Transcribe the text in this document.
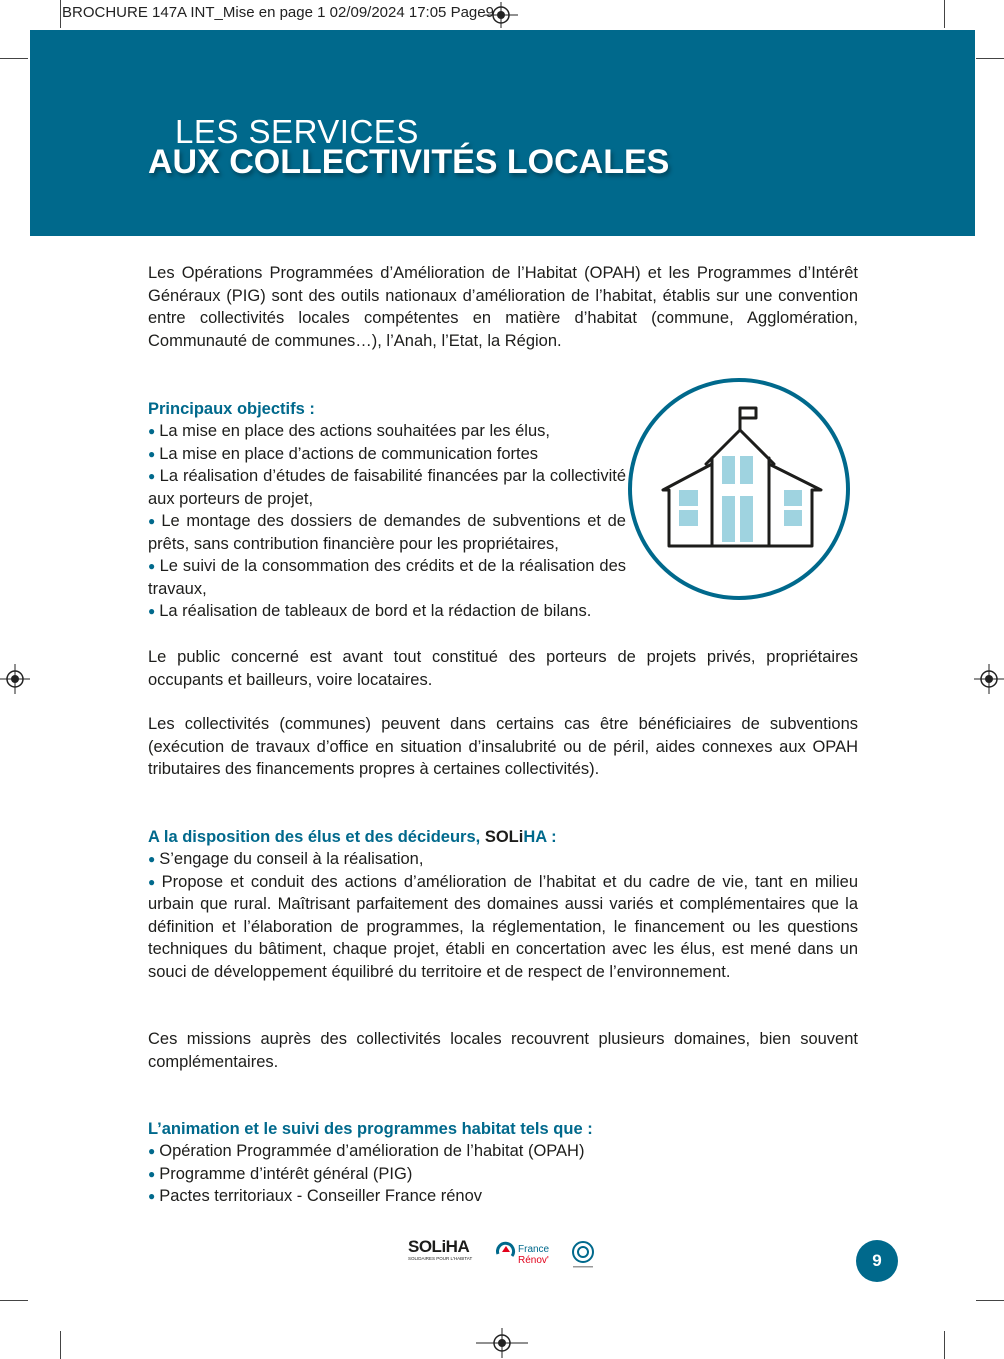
BROCHURE 147A INT_Mise en page 1 02/09/2024 17:05 Page9
LES SERVICES
AUX COLLECTIVITÉS LOCALES

Les Opérations Programmées d’Amélioration de l’Habitat (OPAH) et les Programmes d’Intérêt Généraux (PIG) sont des outils nationaux d’amélioration de l’habitat, établis sur une convention entre collectivités locales compétentes en matière d’habitat (commune, Agglomération, Communauté de communes…), l’Anah, l’Etat, la Région.

Principaux objectifs :
● La mise en place des actions souhaitées par les élus,
● La mise en place d’actions de communication fortes
● La réalisation d’études de faisabilité financées par la collectivité aux porteurs de projet,
● Le montage des dossiers de demandes de subventions et de prêts, sans contribution financière pour les propriétaires,
● Le suivi de la consommation des crédits et de la réalisation des travaux,
● La réalisation de tableaux de bord et la rédaction de bilans.

Le public concerné est avant tout constitué des porteurs de projets privés, propriétaires occupants et bailleurs, voire locataires.

Les collectivités (communes) peuvent dans certains cas être bénéficiaires de subventions (exécution de travaux d’office en situation d’insalubrité ou de péril, aides connexes aux OPAH tributaires des financements propres à certaines collectivités).

A la disposition des élus et des décideurs, SOLiHA :
● S’engage du conseil à la réalisation,
● Propose et conduit des actions d’amélioration de l’habitat et du cadre de vie, tant en milieu urbain que rural. Maîtrisant parfaitement des domaines aussi variés et complémentaires que la définition et l’élaboration de programmes, la réglementation, le financement ou les questions techniques du bâtiment, chaque projet, établi en concertation avec les élus, est mené dans un souci de développement équilibré du territoire et de respect de l’environnement.

Ces missions auprès des collectivités locales recouvrent plusieurs domaines, bien souvent complémentaires.

L’animation et le suivi des programmes habitat tels que :
● Opération Programmée d’amélioration de l’habitat (OPAH)
● Programme d’intérêt général (PIG)
● Pactes territoriaux - Conseiller France rénov
SOLiHA
SOLIDAIRES POUR L'HABITAT
France
Rénov'	9
